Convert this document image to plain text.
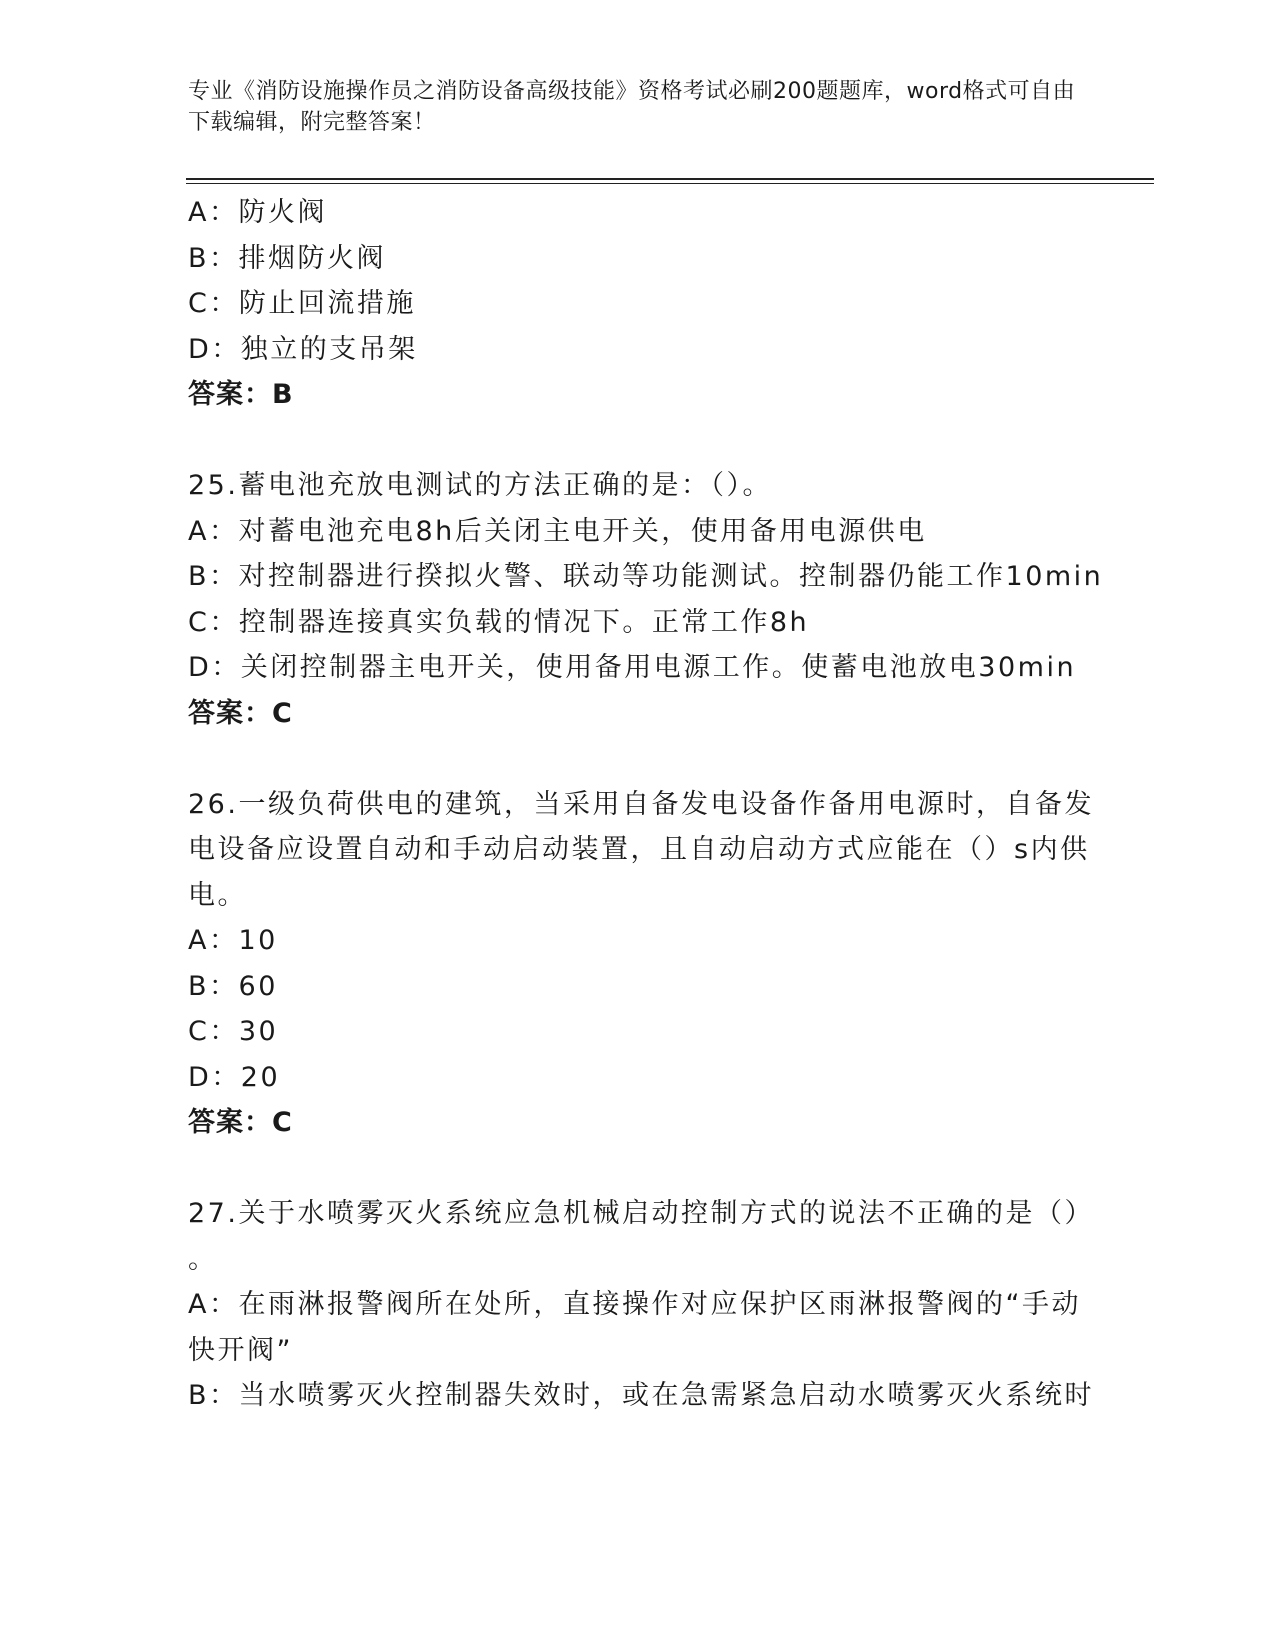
专业《消防设施操作员之消防设备高级技能》资格考试必刷200题题库，word格式可自由下载编辑，附完整答案！
A：防火阀
B：排烟防火阀
C：防止回流措施
D：独立的支吊架
答案：B
25.蓄电池充放电测试的方法正确的是：（）。
A：对蓄电池充电8h后关闭主电开关，使用备用电源供电
B：对控制器进行揆拟火警、联动等功能测试。控制器仍能工作10min
C：控制器连接真实负载的情况下。正常工作8h
D：关闭控制器主电开关，使用备用电源工作。使蓄电池放电30min
答案：C
26.一级负荷供电的建筑，当采用自备发电设备作备用电源时，自备发
电设备应设置自动和手动启动装置，且自动启动方式应能在（）s内供
电。
A：10
B：60
C：30
D：20
答案：C
27.关于水喷雾灭火系统应急机械启动控制方式的说法不正确的是（）
。
A：在雨淋报警阀所在处所，直接操作对应保护区雨淋报警阀的“手动
快开阀”
B：当水喷雾灭火控制器失效时，或在急需紧急启动水喷雾灭火系统时
